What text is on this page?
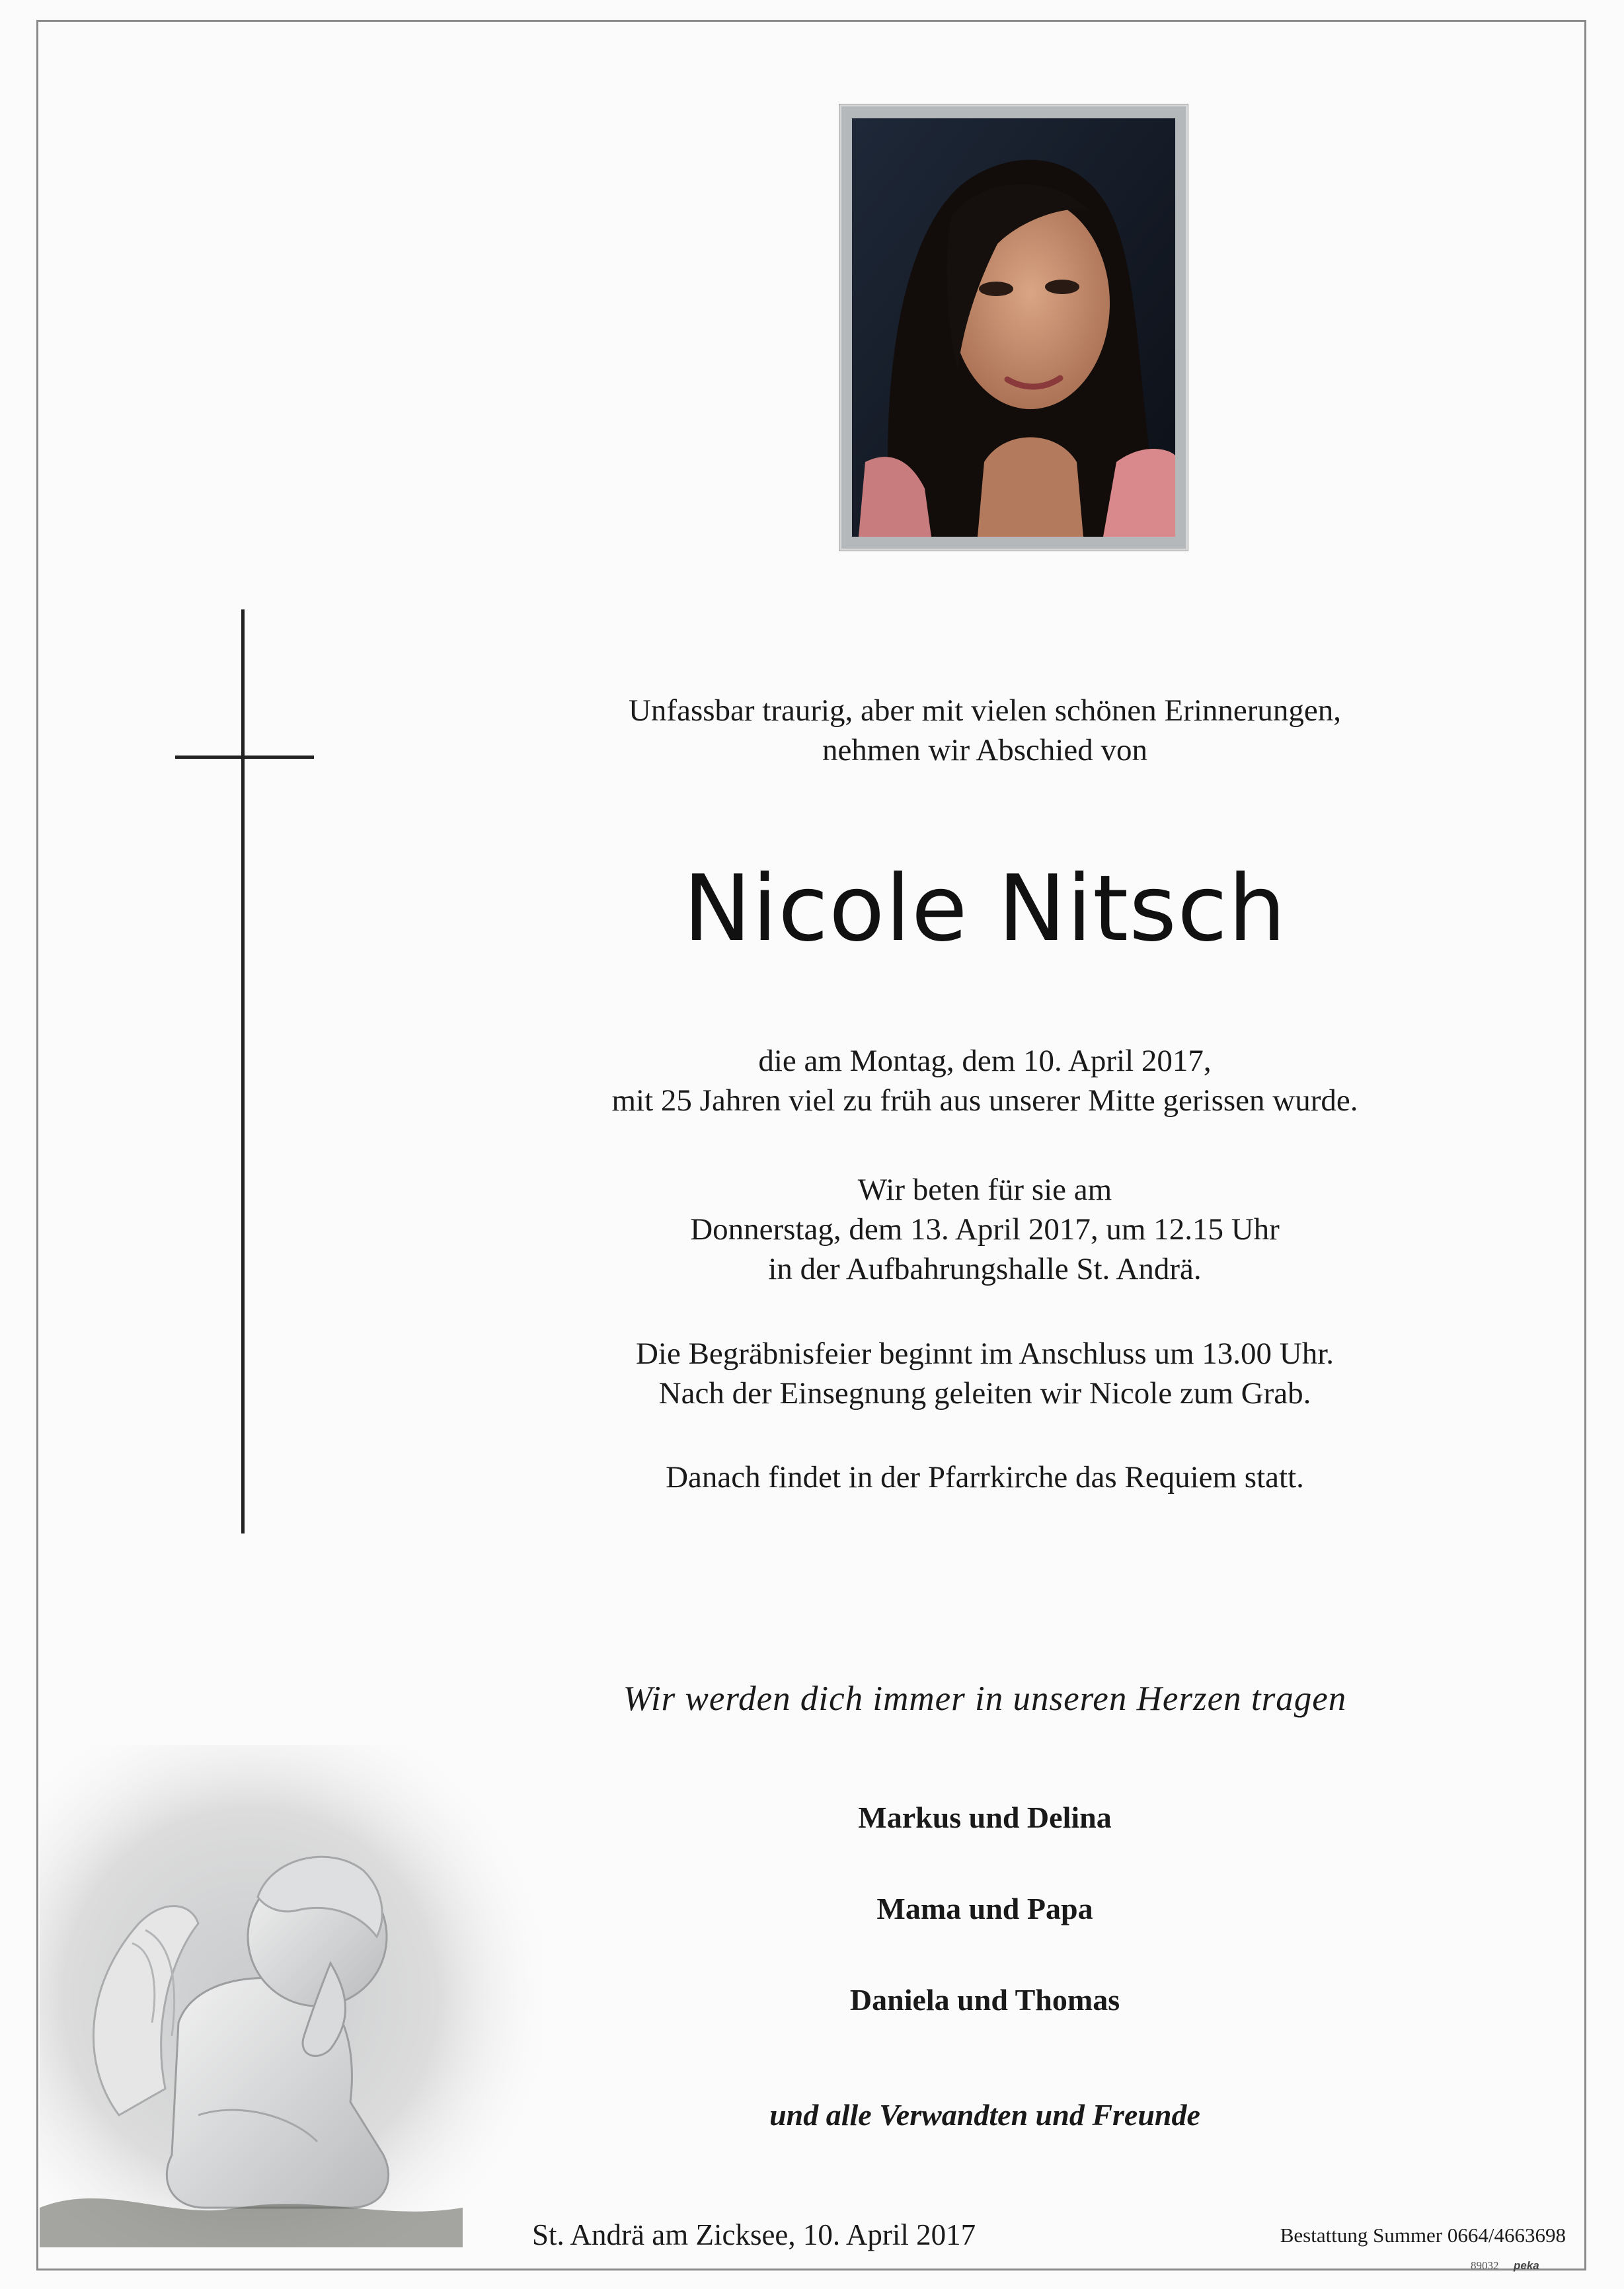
Unfassbar traurig, aber mit vielen schönen Erinnerungen,
nehmen wir Abschied von
Nicole Nitsch
die am Montag, dem 10. April 2017,
mit 25 Jahren viel zu früh aus unserer Mitte gerissen wurde.
Wir beten für sie am
Donnerstag, dem 13. April 2017, um 12.15 Uhr
in der Aufbahrungshalle St. Andrä.
Die Begräbnisfeier beginnt im Anschluss um 13.00 Uhr.
Nach der Einsegnung geleiten wir Nicole zum Grab.
Danach findet in der Pfarrkirche das Requiem statt.
Wir werden dich immer in unseren Herzen tragen
Markus und Delina
Mama und Papa
Daniela und Thomas
und alle Verwandten und Freunde
St. Andrä am Zicksee, 10. April 2017	Bestattung Summer 0664/4663698
89032 peka
